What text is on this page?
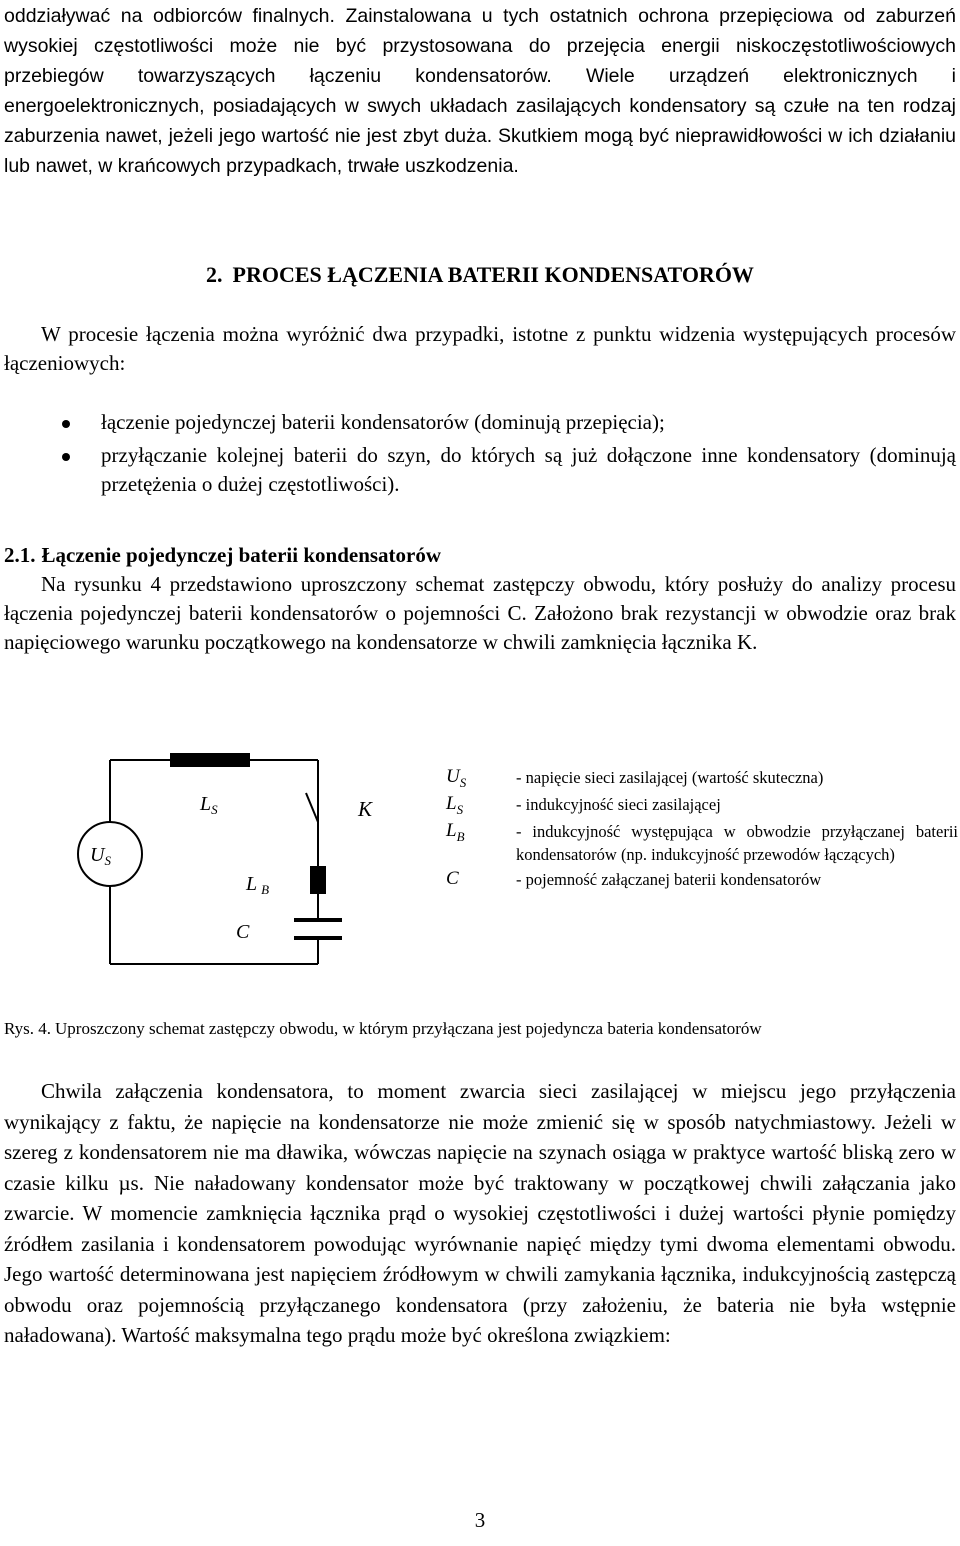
oddziaływać na odbiorców finalnych. Zainstalowana u tych ostatnich ochrona przepięciowa od zaburzeń wysokiej częstotliwości może nie być przystosowana do przejęcia energii niskoczęstotliwościowych przebiegów towarzyszących łączeniu kondensatorów. Wiele urządzeń elektronicznych i energoelektronicznych, posiadających w swych układach zasilających kondensatory są czułe na ten rodzaj zaburzenia nawet, jeżeli jego wartość nie jest zbyt duża. Skutkiem mogą być nieprawidłowości w ich działaniu lub nawet, w krańcowych przypadkach, trwałe uszkodzenia.

2. PROCES ŁĄCZENIA BATERII KONDENSATORÓW

W procesie łączenia można wyróżnić dwa przypadki, istotne z punktu widzenia występujących procesów łączeniowych:

łączenie pojedynczej baterii kondensatorów (dominują przepięcia);
przyłączanie kolejnej baterii do szyn, do których są już dołączone inne kondensatory (dominują przetężenia o dużej częstotliwości).
2.1. Łączenie pojedynczej baterii kondensatorów

Na rysunku 4 przedstawiono uproszczony schemat zastępczy obwodu, który posłuży do analizy procesu łączenia pojedynczej baterii kondensatorów o pojemności C. Założono brak rezystancji w obwodzie oraz brak napięciowego warunku początkowego na kondensatorze w chwili zamknięcia łącznika K.

$U_S$
$L_S$
L $_B$
C
K
$U_S$	- napięcie sieci zasilającej (wartość skuteczna)
$L_S$	- indukcyjność sieci zasilającej
$L_B$	- indukcyjność występująca w obwodzie przyłączanej baterii kondensatorów (np. indukcyjność przewodów łączących)
C	- pojemność załączanej baterii kondensatorów

Rys. 4. Uproszczony schemat zastępczy obwodu, w którym przyłączana jest pojedyncza bateria kondensatorów

Chwila załączenia kondensatora, to moment zwarcia sieci zasilającej w miejscu jego przyłączenia wynikający z faktu, że napięcie na kondensatorze nie może zmienić się w sposób natychmiastowy. Jeżeli w szereg z kondensatorem nie ma dławika, wówczas napięcie na szynach osiąga w praktyce wartość bliską zero w czasie kilku µs. Nie naładowany kondensator może być traktowany w początkowej chwili załączania jako zwarcie. W momencie zamknięcia łącznika prąd o wysokiej częstotliwości i dużej wartości płynie pomiędzy źródłem zasilania i kondensatorem powodując wyrównanie napięć między tymi dwoma elementami obwodu. Jego wartość determinowana jest napięciem źródłowym w chwili zamykania łącznika, indukcyjnością zastępczą obwodu oraz pojemnością przyłączanego kondensatora (przy założeniu, że bateria nie była wstępnie naładowana). Wartość maksymalna tego prądu może być określona związkiem:

3
